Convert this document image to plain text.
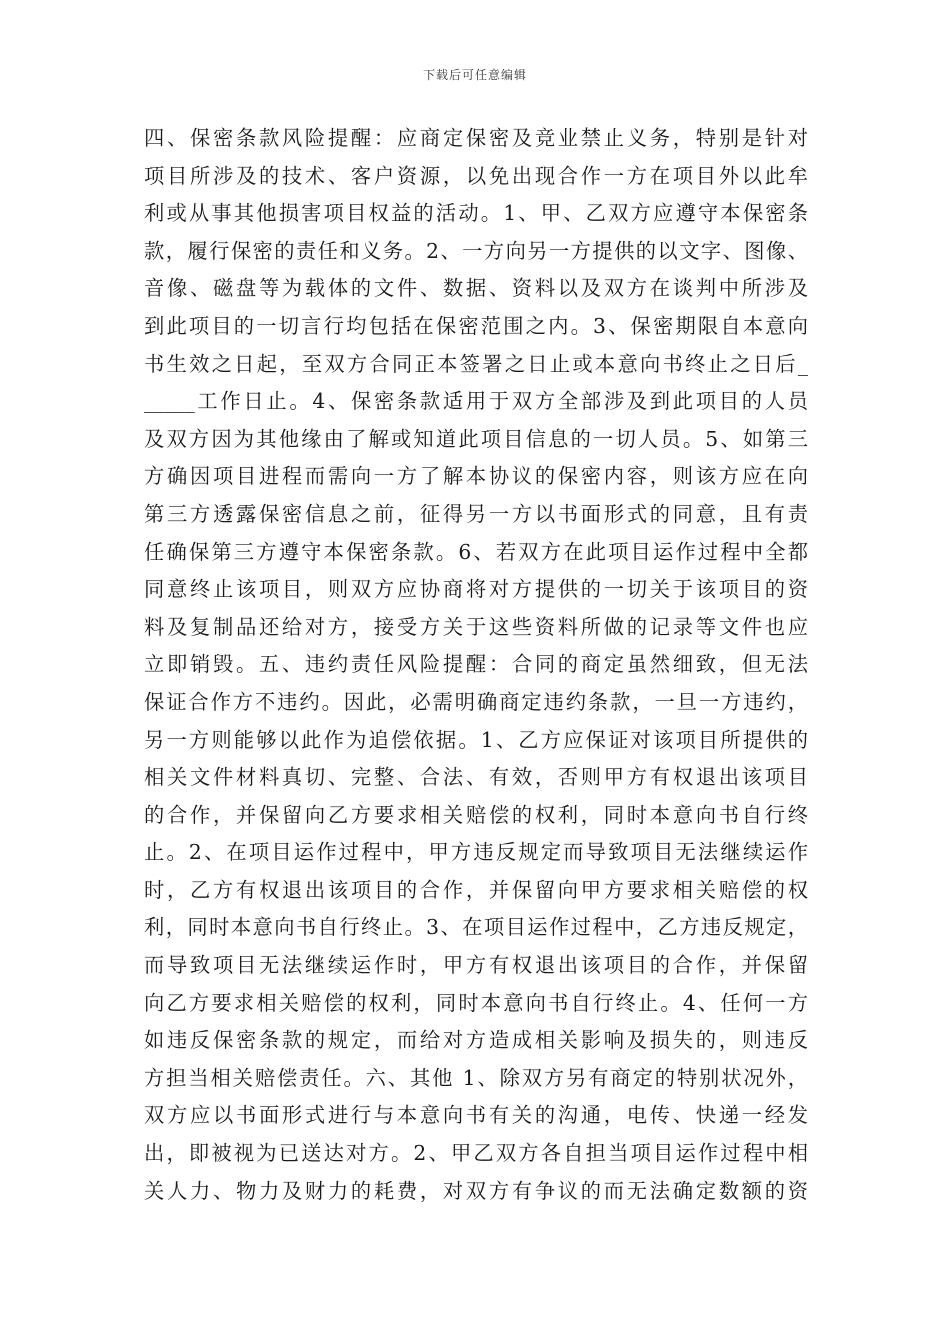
下载后可任意编辑
四、保密条款风险提醒：应商定保密及竞业禁止义务，特别是针对
项目所涉及的技术、客户资源，以免出现合作一方在项目外以此牟
利或从事其他损害项目权益的活动。1、甲、乙双方应遵守本保密条
款，履行保密的责任和义务。2、一方向另一方提供的以文字、图像、
音像、磁盘等为载体的文件、数据、资料以及双方在谈判中所涉及
到此项目的一切言行均包括在保密范围之内。3、保密期限自本意向
书生效之日起，至双方合同正本签署之日止或本意向书终止之日后_
_____工作日止。4、保密条款适用于双方全部涉及到此项目的人员
及双方因为其他缘由了解或知道此项目信息的一切人员。5、如第三
方确因项目进程而需向一方了解本协议的保密内容，则该方应在向
第三方透露保密信息之前，征得另一方以书面形式的同意，且有责
任确保第三方遵守本保密条款。6、若双方在此项目运作过程中全都
同意终止该项目，则双方应协商将对方提供的一切关于该项目的资
料及复制品还给对方，接受方关于这些资料所做的记录等文件也应
立即销毁。五、违约责任风险提醒：合同的商定虽然细致，但无法
保证合作方不违约。因此，必需明确商定违约条款，一旦一方违约，
另一方则能够以此作为追偿依据。1、乙方应保证对该项目所提供的
相关文件材料真切、完整、合法、有效，否则甲方有权退出该项目
的合作，并保留向乙方要求相关赔偿的权利，同时本意向书自行终
止。2、在项目运作过程中，甲方违反规定而导致项目无法继续运作
时，乙方有权退出该项目的合作，并保留向甲方要求相关赔偿的权
利，同时本意向书自行终止。3、在项目运作过程中，乙方违反规定，
而导致项目无法继续运作时，甲方有权退出该项目的合作，并保留
向乙方要求相关赔偿的权利，同时本意向书自行终止。4、任何一方
如违反保密条款的规定，而给对方造成相关影响及损失的，则违反
方担当相关赔偿责任。六、其他 1、除双方另有商定的特别状况外，
双方应以书面形式进行与本意向书有关的沟通，电传、快递一经发
出，即被视为已送达对方。2、甲乙双方各自担当项目运作过程中相
关人力、物力及财力的耗费，对双方有争议的而无法确定数额的资
